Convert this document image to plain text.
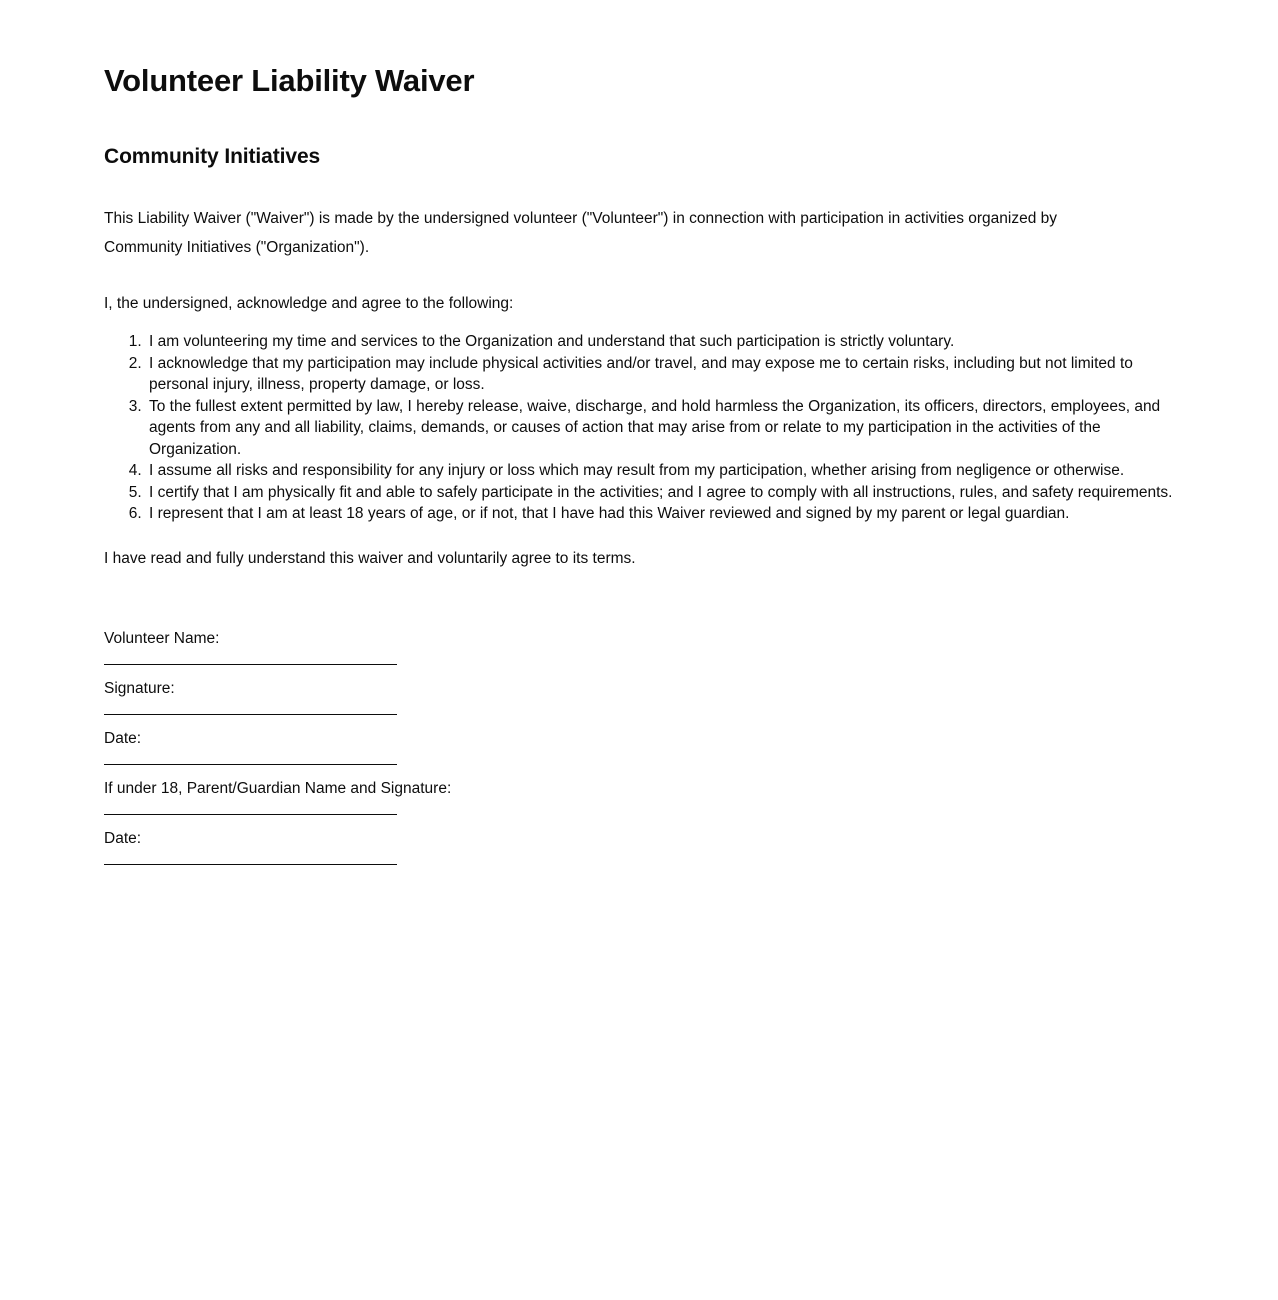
Volunteer Liability Waiver
Community Initiatives

This Liability Waiver ("Waiver") is made by the undersigned volunteer ("Volunteer") in connection with participation in activities organized by Community Initiatives ("Organization").

I, the undersigned, acknowledge and agree to the following:

1. I am volunteering my time and services to the Organization and understand that such participation is strictly voluntary.
2. I acknowledge that my participation may include physical activities and/or travel, and may expose me to certain risks, including but not limited to personal injury, illness, property damage, or loss.
3. To the fullest extent permitted by law, I hereby release, waive, discharge, and hold harmless the Organization, its officers, directors, employees, and agents from any and all liability, claims, demands, or causes of action that may arise from or relate to my participation in the activities of the Organization.
4. I assume all risks and responsibility for any injury or loss which may result from my participation, whether arising from negligence or otherwise.
5. I certify that I am physically fit and able to safely participate in the activities; and I agree to comply with all instructions, rules, and safety requirements.
6. I represent that I am at least 18 years of age, or if not, that I have had this Waiver reviewed and signed by my parent or legal guardian.

I have read and fully understand this waiver and voluntarily agree to its terms.

Volunteer Name:
Signature:
Date:
If under 18, Parent/Guardian Name and Signature:
Date:
